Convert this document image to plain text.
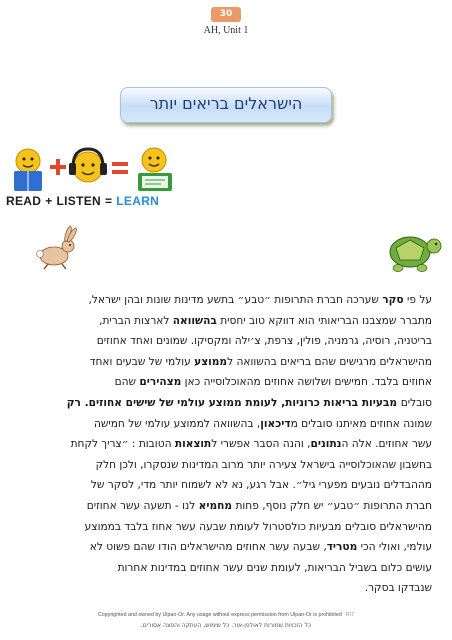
30
AH, Unit 1
הישראלים בריאים יותר
READ + LISTEN = LEARN
על פי סקר שערכה חברת התרופות ״טבע״ בתשע מדינות שונות ובהן ישראל,
מתברר שמצבנו הבריאותי הוא דווקא טוב יחסית בהשוואה לארצות הברית,
בריטניה, רוסיה, גרמניה, פולין, צרפת, צ׳ילה ומקסיקו. שמונים ואחד אחוזים
מהישראלים מרגישים שהם בריאים בהשוואה לממוצע עולמי של שבעים ואחד
אחוזים בלבד. חמישים ושלושה אחוזים מהאוכלוסייה כאן מצהירים שהם
סובלים מבעיות בריאות כרוניות, לעומת ממוצע עולמי של שישים אחוזים. רק
שמונה אחוזים מאיתנו סובלים מדיכאון, בהשוואה לממוצע עולמי של חמישה
עשר אחוזים. אלה הנתונים, והנה הסבר אפשרי לתוצאות הטובות : ״צריך לקחת
בחשבון שהאוכלוסייה בישראל צעירה יותר מרוב המדינות שנסקרו, ולכן חלק
מההבדלים נובעים מפערי גיל״. אבל רגע, נא לא לשמוח יותר מדי, לסקר של
חברת התרופות ״טבע״ יש חלק נוסף, פחות מחמיא לנו - תשעה עשר אחוזים
מהישראלים סובלים מבעיות כולסטרול לעומת שבעה עשר אחוז בלבד בממוצע
עולמי, ואולי הכי מטריד, שבעה עשר אחוזים מהישראלים הודו שהם פשוט לא
עושים כלום בשביל הבריאות, לעומת שנים עשר אחוזים במדינות אחרות
שנבדקו בסקר.
Copyrighted and owned by Ulpan-Or. Any usage without express permission from Ulpan-Or is prohibited RI7
כל הזכויות שמורות לאולפן-אור. כל שימוש, העתקה והפצה אסורים.
